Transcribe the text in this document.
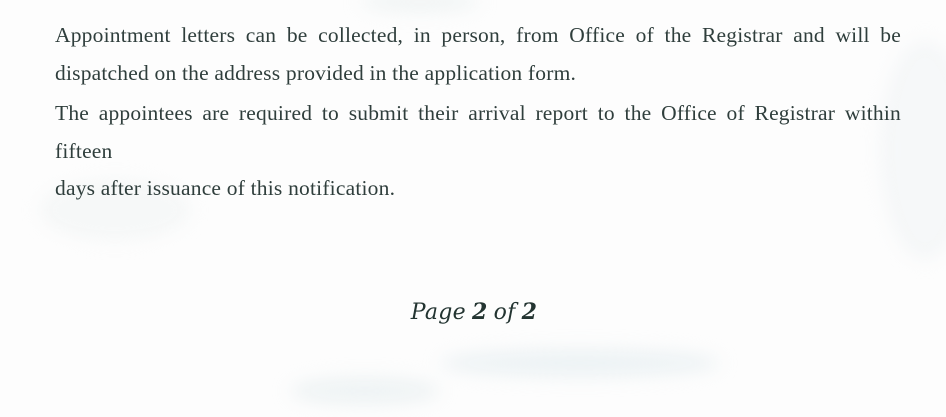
Appointment letters can be collected, in person, from Office of the Registrar and will be
dispatched on the address provided in the application form.
The appointees are required to submit their arrival report to the Office of Registrar within fifteen
days after issuance of this notification.
Page 2 of 2
